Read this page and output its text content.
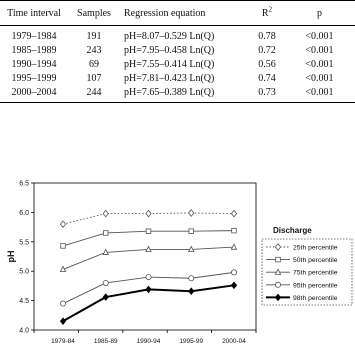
Time interval	Samples	Regression equation	$R^2$	p
1979–1984	191	pH=8.07–0.529 Ln(Q)	0.78	<0.001
1985–1989	243	pH=7.95–0.458 Ln(Q)	0.72	<0.001
1990–1994	69	pH=7.55–0.414 Ln(Q)	0.56	<0.001
1995–1999	107	pH=7.81–0.423 Ln(Q)	0.74	<0.001
2000–2004	244	pH=7.65–0.389 Ln(Q)	0.73	<0.001
4.0
4.5
5.0
5.5
6.0
6.5
pH
1979-84	1985-89	1990-94	1995-99	2000-04
Discharge
25th percentile
50th percentile
75th percentile
95th percentile
98th percentile
